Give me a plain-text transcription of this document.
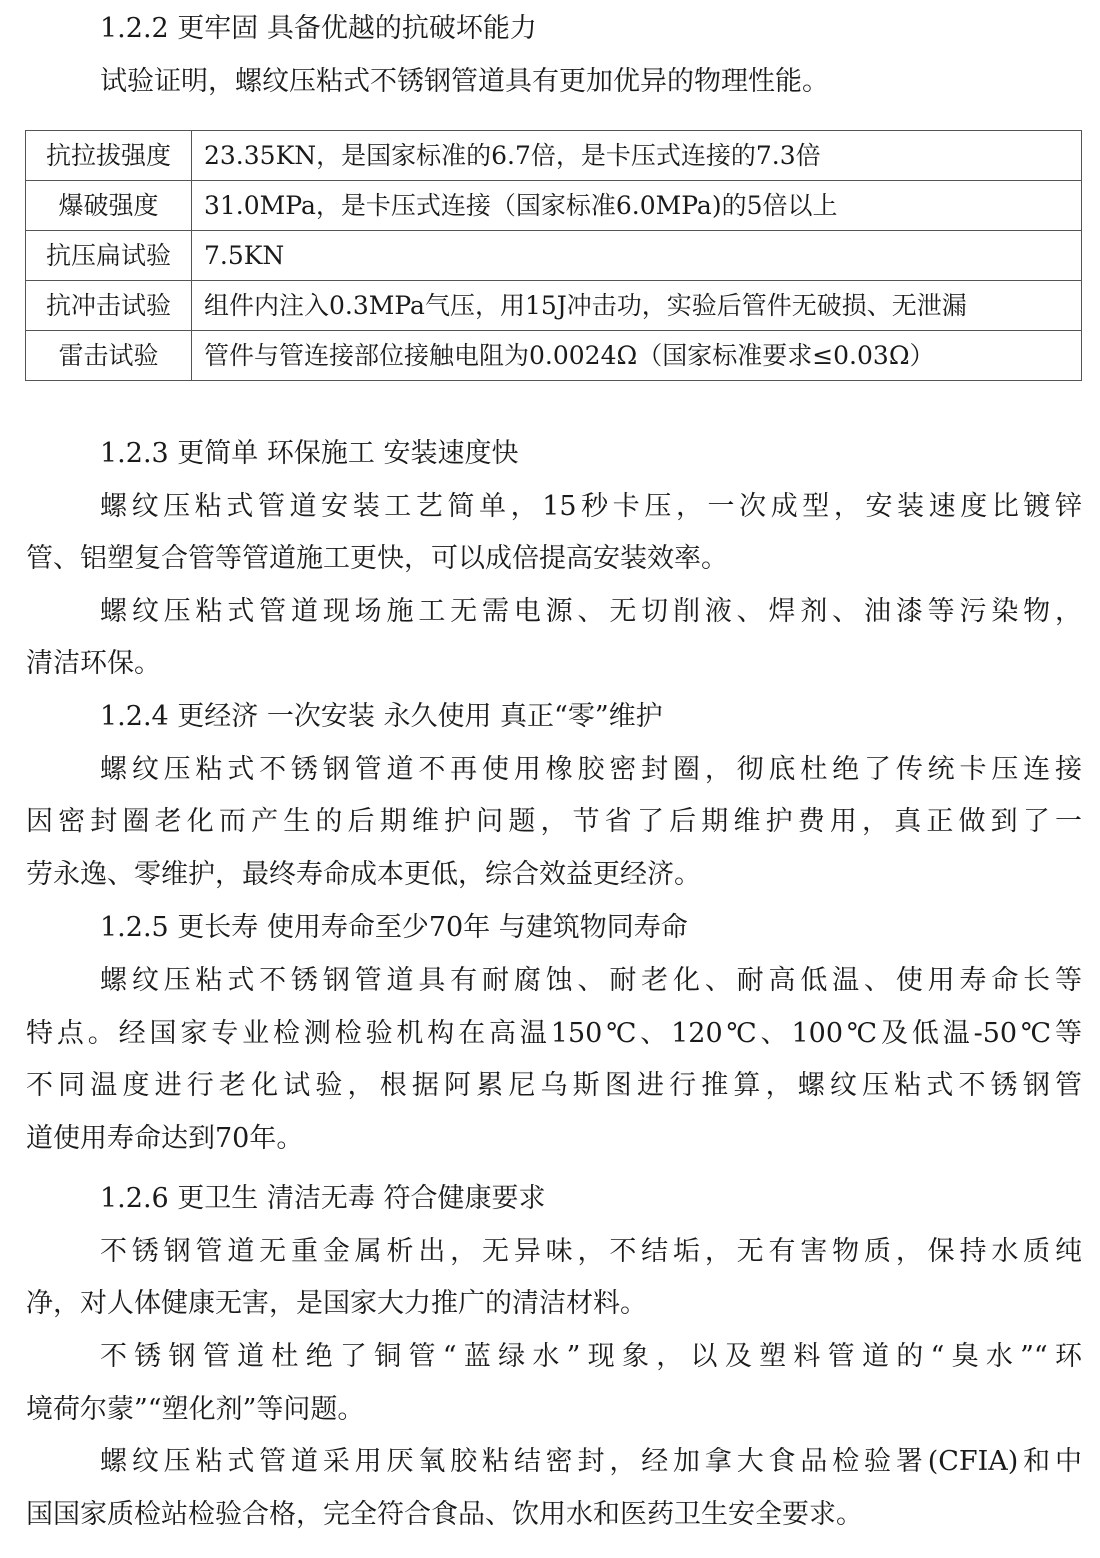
1.2.2 更牢固 具备优越的抗破坏能力
试验证明，螺纹压粘式不锈钢管道具有更加优异的物理性能。
抗拉拔强度	23.35KN，是国家标准的6.7倍，是卡压式连接的7.3倍
爆破强度	31.0MPa，是卡压式连接（国家标准6.0MPa)的5倍以上
抗压扁试验	7.5KN
抗冲击试验	组件内注入0.3MPa气压，用15J冲击功，实验后管件无破损、无泄漏
雷击试验	管件与管连接部位接触电阻为0.0024Ω（国家标准要求≤0.03Ω）
1.2.3 更简单 环保施工 安装速度快
螺纹压粘式管道安装工艺简单，15秒卡压，一次成型，安装速度比镀锌
管、铝塑复合管等管道施工更快，可以成倍提高安装效率。
螺纹压粘式管道现场施工无需电源、无切削液、焊剂、油漆等污染物，
清洁环保。
1.2.4 更经济 一次安装 永久使用 真正“零”维护
螺纹压粘式不锈钢管道不再使用橡胶密封圈，彻底杜绝了传统卡压连接
因密封圈老化而产生的后期维护问题，节省了后期维护费用，真正做到了一
劳永逸、零维护，最终寿命成本更低，综合效益更经济。
1.2.5 更长寿 使用寿命至少70年 与建筑物同寿命
螺纹压粘式不锈钢管道具有耐腐蚀、耐老化、耐高低温、使用寿命长等
特点。经国家专业检测检验机构在高温150℃、120℃、100℃及低温-50℃等
不同温度进行老化试验，根据阿累尼乌斯图进行推算，螺纹压粘式不锈钢管
道使用寿命达到70年。
1.2.6 更卫生 清洁无毒 符合健康要求
不锈钢管道无重金属析出，无异味，不结垢，无有害物质，保持水质纯
净，对人体健康无害，是国家大力推广的清洁材料。
不锈钢管道杜绝了铜管“蓝绿水”现象，以及塑料管道的“臭水”“环
境荷尔蒙”“塑化剂”等问题。
螺纹压粘式管道采用厌氧胶粘结密封，经加拿大食品检验署(CFIA)和中
国国家质检站检验合格，完全符合食品、饮用水和医药卫生安全要求。
